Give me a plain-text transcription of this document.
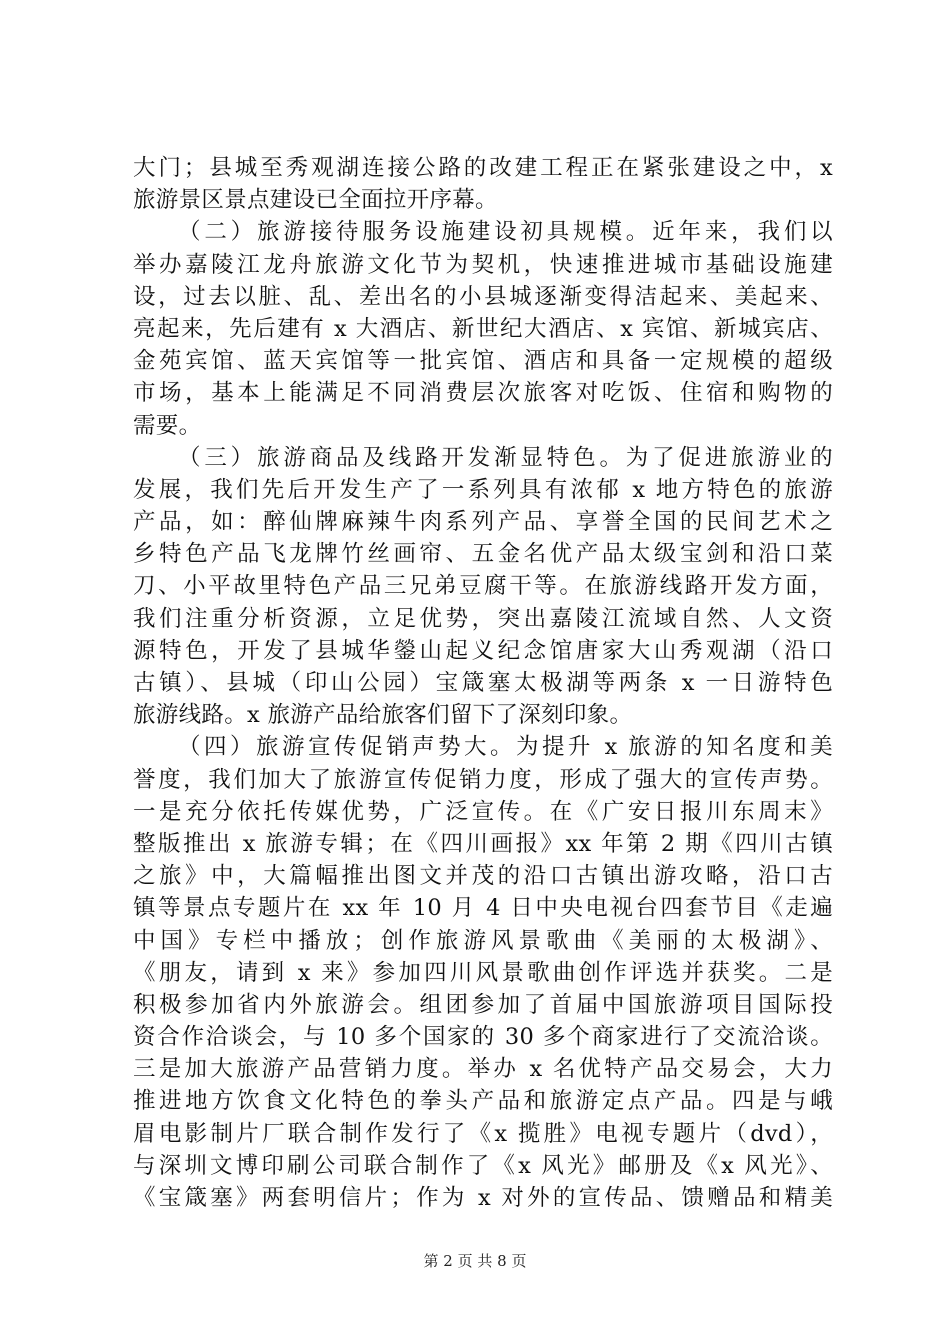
大门；县城至秀观湖连接公路的改建工程正在紧张建设之中，x
旅游景区景点建设已全面拉开序幕。
（二）旅游接待服务设施建设初具规模。近年来，我们以
举办嘉陵江龙舟旅游文化节为契机，快速推进城市基础设施建
设，过去以脏、乱、差出名的小县城逐渐变得洁起来、美起来、
亮起来，先后建有 x 大酒店、新世纪大酒店、x 宾馆、新城宾店、
金苑宾馆、蓝天宾馆等一批宾馆、酒店和具备一定规模的超级
市场，基本上能满足不同消费层次旅客对吃饭、住宿和购物的
需要。
（三）旅游商品及线路开发渐显特色。为了促进旅游业的
发展，我们先后开发生产了一系列具有浓郁 x 地方特色的旅游
产品，如：醉仙牌麻辣牛肉系列产品、享誉全国的民间艺术之
乡特色产品飞龙牌竹丝画帘、五金名优产品太级宝剑和沿口菜
刀、小平故里特色产品三兄弟豆腐干等。在旅游线路开发方面，
我们注重分析资源，立足优势，突出嘉陵江流域自然、人文资
源特色，开发了县城华鎣山起义纪念馆唐家大山秀观湖（沿口
古镇）、县城（印山公园）宝箴塞太极湖等两条 x 一日游特色
旅游线路。x 旅游产品给旅客们留下了深刻印象。
（四）旅游宣传促销声势大。为提升 x 旅游的知名度和美
誉度，我们加大了旅游宣传促销力度，形成了强大的宣传声势。
一是充分依托传媒优势，广泛宣传。在《广安日报川东周末》
整版推出 x 旅游专辑；在《四川画报》xx 年第 2 期《四川古镇
之旅》中，大篇幅推出图文并茂的沿口古镇出游攻略，沿口古
镇等景点专题片在 xx 年 10 月 4 日中央电视台四套节目《走遍
中国》专栏中播放；创作旅游风景歌曲《美丽的太极湖》、
《朋友，请到 x 来》参加四川风景歌曲创作评选并获奖。二是
积极参加省内外旅游会。组团参加了首届中国旅游项目国际投
资合作洽谈会，与 10 多个国家的 30 多个商家进行了交流洽谈。
三是加大旅游产品营销力度。举办 x 名优特产品交易会，大力
推进地方饮食文化特色的拳头产品和旅游定点产品。四是与峨
眉电影制片厂联合制作发行了《x 揽胜》电视专题片（dvd），
与深圳文博印刷公司联合制作了《x 风光》邮册及《x 风光》、
《宝箴塞》两套明信片；作为 x 对外的宣传品、馈赠品和精美
第 2 页 共 8 页
